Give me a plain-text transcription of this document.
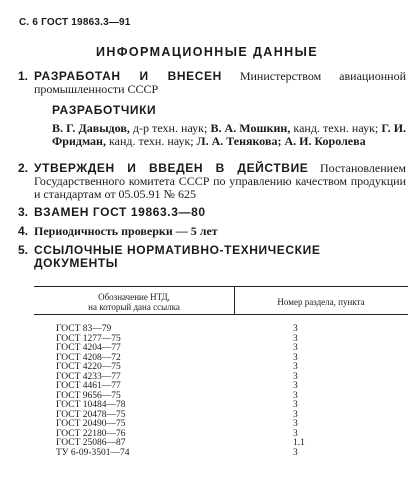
С. 6 ГОСТ 19863.3—91
ИНФОРМАЦИОННЫЕ ДАННЫЕ
1. РАЗРАБОТАН И ВНЕСЕН Министерством авиационной промышленности СССР
РАЗРАБОТЧИКИ
В. Г. Давыдов, д-р техн. наук; В. А. Мошкин, канд. техн. наук; Г. И. Фридман, канд. техн. наук; Л. А. Тенякова; А. И. Королева
2. УТВЕРЖДЕН И ВВЕДЕН В ДЕЙСТВИЕ Постановлением Государственного комитета СССР по управлению качеством продукции и стандартам от 05.05.91 № 625
3. ВЗАМЕН ГОСТ 19863.3—80
4. Периодичность проверки — 5 лет
5. ССЫЛОЧНЫЕ НОРМАТИВНО-ТЕХНИЧЕСКИЕ ДОКУМЕНТЫ
Обозначение НТД,
на который дана ссылка	Номер раздела, пункта
ГОСТ 83—79	3
ГОСТ 1277—75	3
ГОСТ 4204—77	3
ГОСТ 4208—72	3
ГОСТ 4220—75	3
ГОСТ 4233—77	3
ГОСТ 4461—77	3
ГОСТ 9656—75	3
ГОСТ 10484—78	3
ГОСТ 20478—75	3
ГОСТ 20490—75	3
ГОСТ 22180—76	3
ГОСТ 25086—87	1.1
ТУ 6-09-3501—74	3
